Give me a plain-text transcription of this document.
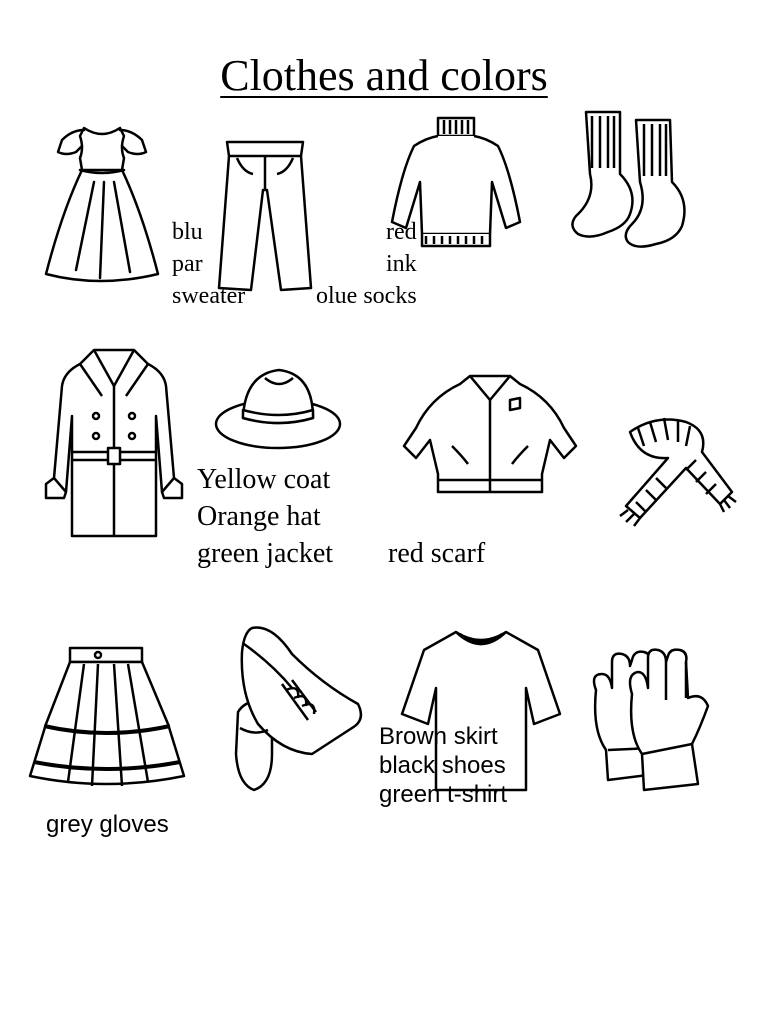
Clothes and colors
blu
par
sweater
red
ink
olue socks
Yellow coat
Orange hat
green jacket red scarf
Brown skirt
black shoes
green t-shirt
grey gloves
